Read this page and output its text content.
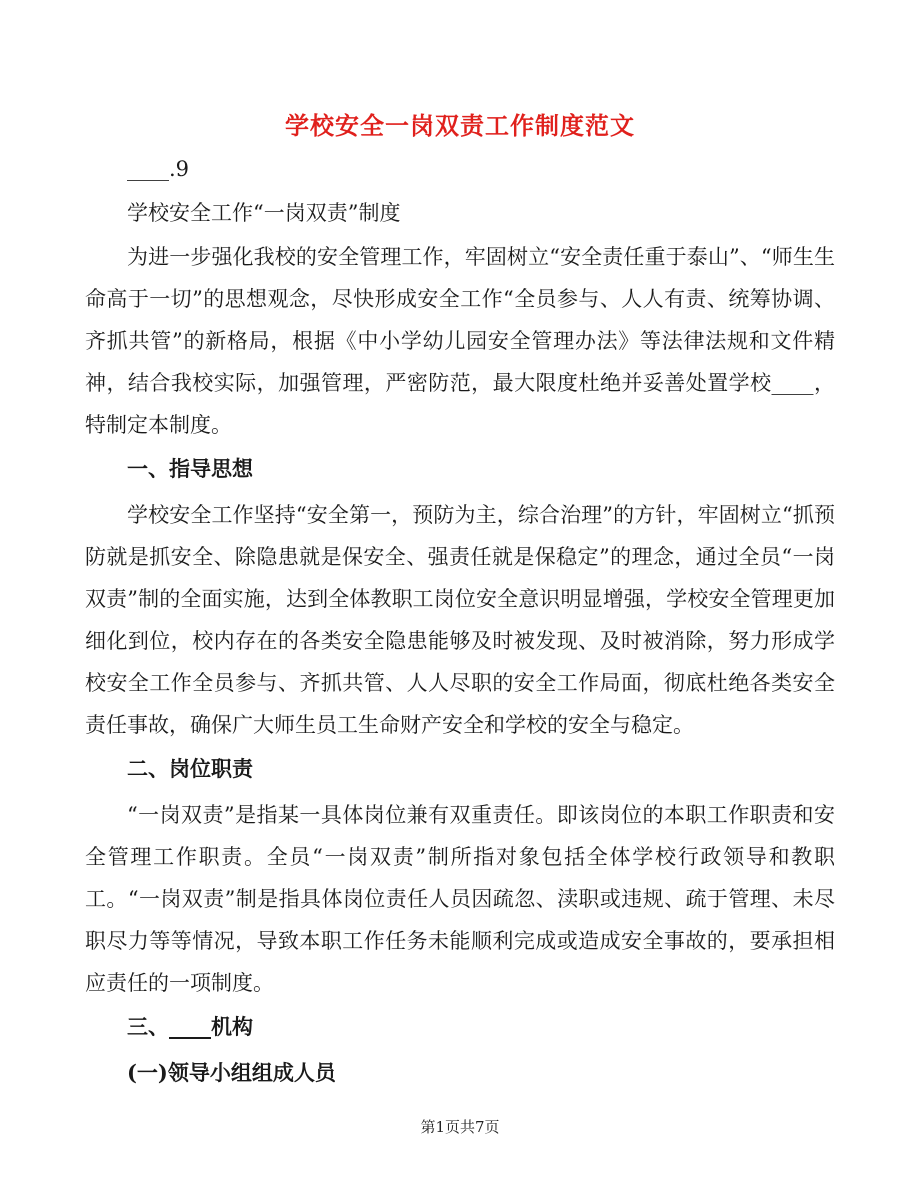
学校安全一岗双责工作制度范文

____.9

学校安全工作“一岗双责”制度

为进一步强化我校的安全管理工作，牢固树立“安全责任重于泰山”、“师生生命高于一切”的思想观念，尽快形成安全工作“全员参与、人人有责、统筹协调、齐抓共管”的新格局，根据《中小学幼儿园安全管理办法》等法律法规和文件精神，结合我校实际，加强管理，严密防范，最大限度杜绝并妥善处置学校____，特制定本制度。

一、指导思想

学校安全工作坚持“安全第一，预防为主，综合治理”的方针，牢固树立“抓预防就是抓安全、除隐患就是保安全、强责任就是保稳定”的理念，通过全员“一岗双责”制的全面实施，达到全体教职工岗位安全意识明显增强，学校安全管理更加细化到位，校内存在的各类安全隐患能够及时被发现、及时被消除，努力形成学校安全工作全员参与、齐抓共管、人人尽职的安全工作局面，彻底杜绝各类安全责任事故，确保广大师生员工生命财产安全和学校的安全与稳定。

二、岗位职责

“一岗双责”是指某一具体岗位兼有双重责任。即该岗位的本职工作职责和安全管理工作职责。全员“一岗双责”制所指对象包括全体学校行政领导和教职工。“一岗双责”制是指具体岗位责任人员因疏忽、渎职或违规、疏于管理、未尽职尽力等等情况，导致本职工作任务未能顺利完成或造成安全事故的，要承担相应责任的一项制度。

三、____机构

(一)领导小组组成人员

第1页共7页
